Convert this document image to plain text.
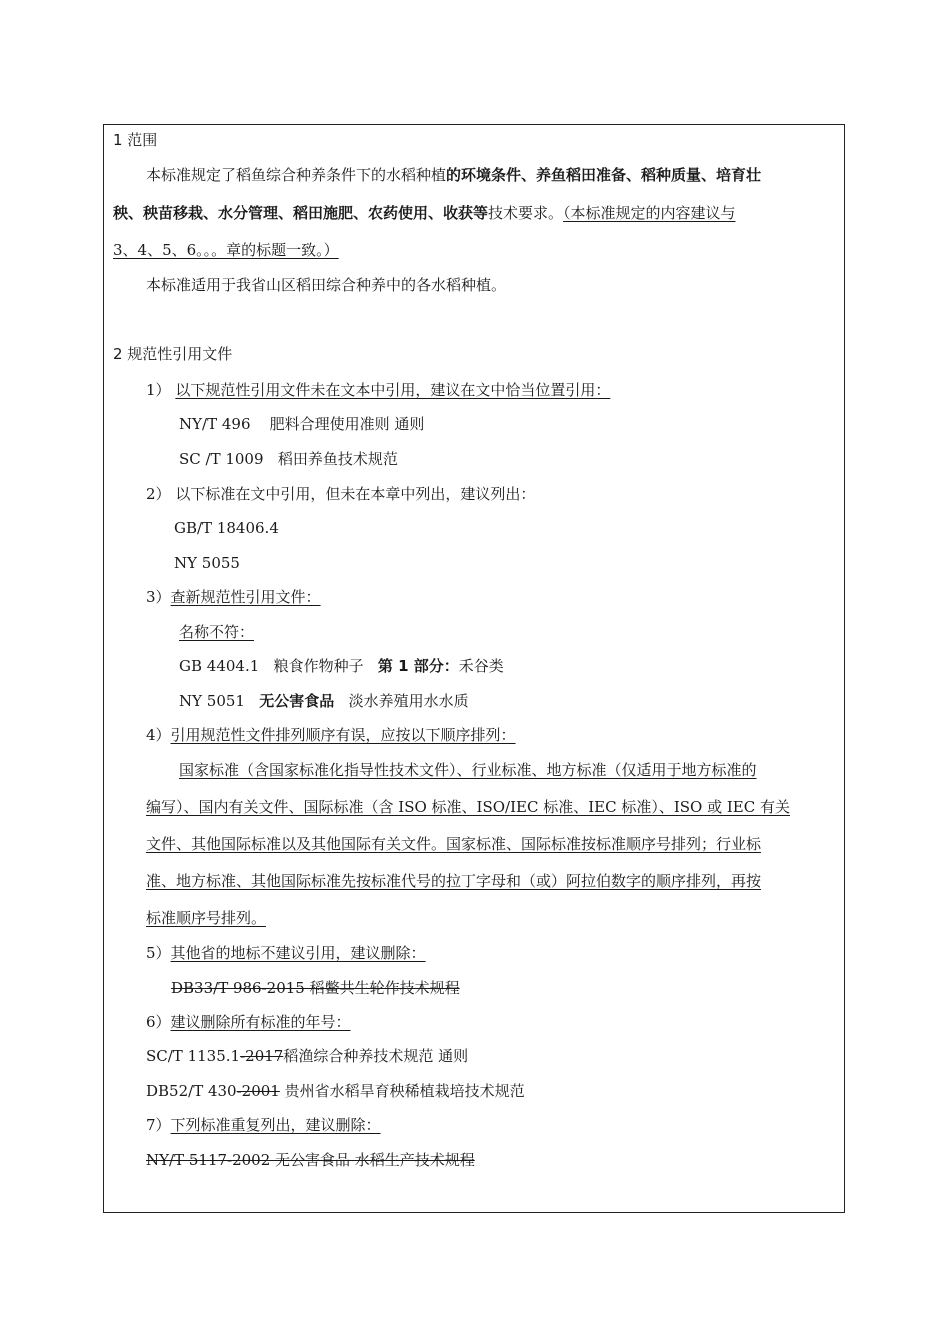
1 范围
本标准规定了稻鱼综合种养条件下的水稻种植的环境条件、养鱼稻田准备、稻种质量、培育壮
秧、秧苗移栽、水分管理、稻田施肥、农药使用、收获等技术要求。（本标准规定的内容建议与
3、4、5、6。。。章的标题一致。）
本标准适用于我省山区稻田综合种养中的各水稻种植。
2 规范性引用文件
1） 以下规范性引用文件未在文本中引用，建议在文中恰当位置引用：
NY/T 496 肥料合理使用准则 通则
SC /T 1009 稻田养鱼技术规范
2） 以下标准在文中引用，但未在本章中列出，建议列出：
GB/T 18406.4
NY 5055
3）查新规范性引用文件：
名称不符：
GB 4404.1 粮食作物种子 第 1 部分：禾谷类
NY 5051 无公害食品 淡水养殖用水水质
4）引用规范性文件排列顺序有误，应按以下顺序排列：
国家标准（含国家标准化指导性技术文件）、行业标准、地方标准（仅适用于地方标准的
编写）、国内有关文件、国际标准（含 ISO 标准、ISO/IEC 标准、IEC 标准）、ISO 或 IEC 有关
文件、其他国际标准以及其他国际有关文件。国家标准、国际标准按标准顺序号排列；行业标
准、地方标准、其他国际标准先按标准代号的拉丁字母和（或）阿拉伯数字的顺序排列，再按
标准顺序号排列。
5）其他省的地标不建议引用，建议删除：
DB33/T 986-2015 稻鳖共生轮作技术规程
6）建议删除所有标准的年号：
SC/T 1135.1-2017稻渔综合种养技术规范 通则
DB52/T 430-2001 贵州省水稻旱育秧稀植栽培技术规范
7）下列标准重复列出，建议删除：
NY/T 5117-2002 无公害食品 水稻生产技术规程
